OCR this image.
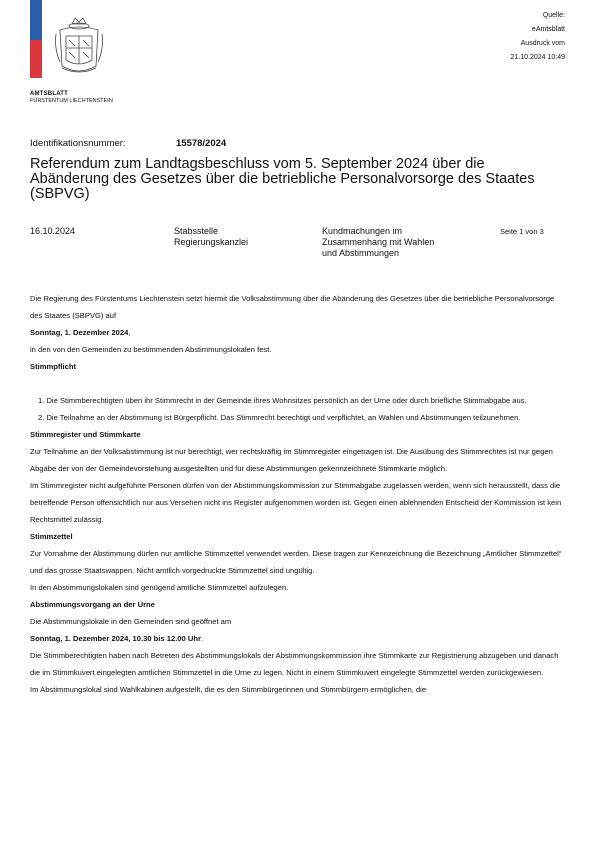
AMTSBLATT
FÜRSTENTUM LIECHTENSTEIN
Quelle:
eAmtsblatt
Ausdruck vom
21.10.2024 10:49
Identifikationsnummer:	15578/2024
Referendum zum Landtagsbeschluss vom 5. September 2024 über die Abänderung des Gesetzes über die betriebliche Personalvorsorge des Staates (SBPVG)
16.10.2024	Stabsstelle
Regierungskanzlei
Kundmachungen im
Zusammenhang mit Wahlen
und Abstimmungen
Seite 1 von 3

Die Regierung des Fürstentums Liechtenstein setzt hiermit die Volksabstimmung über die Abänderung des Gesetzes über die betriebliche Personalvorsorge des Staates (SBPVG) auf

Sonntag, 1. Dezember 2024,

in den von den Gemeinden zu bestimmenden Abstimmungslokalen fest.

Stimmpflicht

1. Die Stimmberechtigten üben ihr Stimmrecht in der Gemeinde ihres Wohnsitzes persönlich an der Urne oder durch briefliche Stimmabgabe aus.

2. Die Teilnahme an der Abstimmung ist Bürgerpflicht. Das Stimmrecht berechtigt und verpflichtet, an Wahlen und Abstimmungen teilzunehmen.

Stimmregister und Stimmkarte

Zur Teilnahme an der Volksabstimmung ist nur berechtigt, wer rechtskräftig im Stimmregister eingetragen ist. Die Ausübung des Stimmrechtes ist nur gegen Abgabe der von der Gemeindevorstehung ausgestellten und für diese Abstimmungen gekennzeichnete Stimmkarte möglich.

Im Stimmregister nicht aufgeführte Personen dürfen von der Abstimmungskommission zur Stimmabgabe zugelassen werden, wenn sich herausstellt, dass die betreffende Person offensichtlich nur aus Versehen nicht ins Register aufgenommen worden ist. Gegen einen ablehnenden Entscheid der Kommission ist kein Rechtsmittel zulässig.

Stimmzettel

Zur Vornahme der Abstimmung dürfen nur amtliche Stimmzettel verwendet werden. Diese tragen zur Kennzeichnung die Bezeichnung „Amtlicher Stimmzettel“ und das grosse Staatswappen. Nicht amtlich vorgedruckte Stimmzettel sind ungültig.

In den Abstimmungslokalen sind genügend amtliche Stimmzettel aufzulegen.

Abstimmungsvorgang an der Urne

Die Abstimmungslokale in den Gemeinden sind geöffnet am

Sonntag, 1. Dezember 2024, 10.30 bis 12.00 Uhr.

Die Stimmberechtigten haben nach Betreten des Abstimmungslokals der Abstimmungskommission ihre Stimmkarte zur Registrierung abzugeben und danach die im Stimmkuvert eingelegten amtlichen Stimmzettel in die Urne zu legen. Nicht in einem Stimmkuvert eingelegte Stimmzettel werden zurückgewiesen.

Im Abstimmungslokal sind Wahlkabinen aufgestellt, die es den Stimmbürgerinnen und Stimmbürgern ermöglichen, die
